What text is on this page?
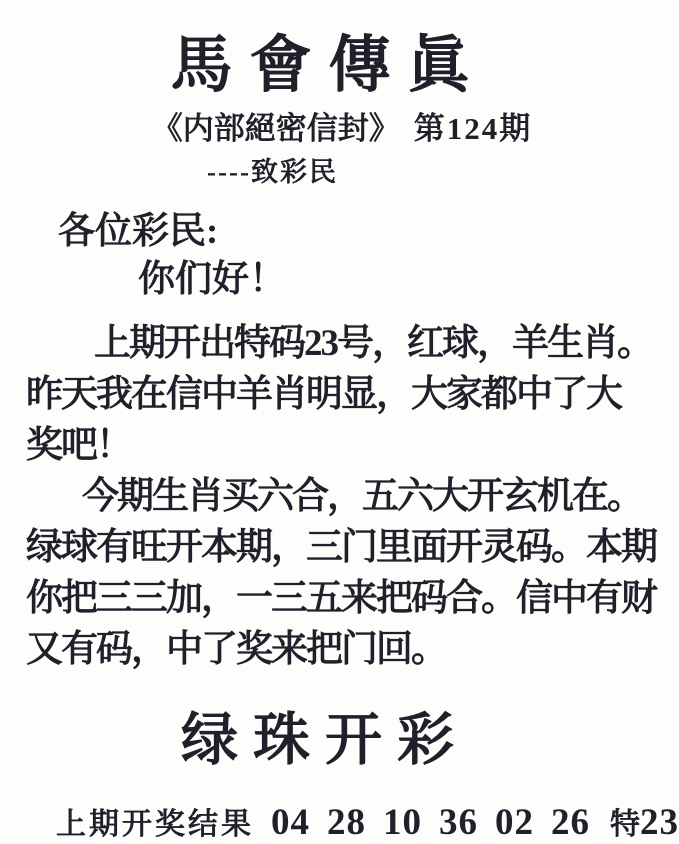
馬會傳眞
《内部絕密信封》 第124期
----致彩民
各位彩民:
你们好！
上期开出特码23号，红球，羊生肖。
昨天我在信中羊肖明显，大家都中了大
奖吧！
今期生肖买六合，五六大开玄机在。
绿球有旺开本期，三门里面开灵码。本期
你把三三加，一三五来把码合。信中有财
又有码，中了奖来把门回。
绿珠开彩
上期开奖结果 04 28 10 36 02 26 特23
